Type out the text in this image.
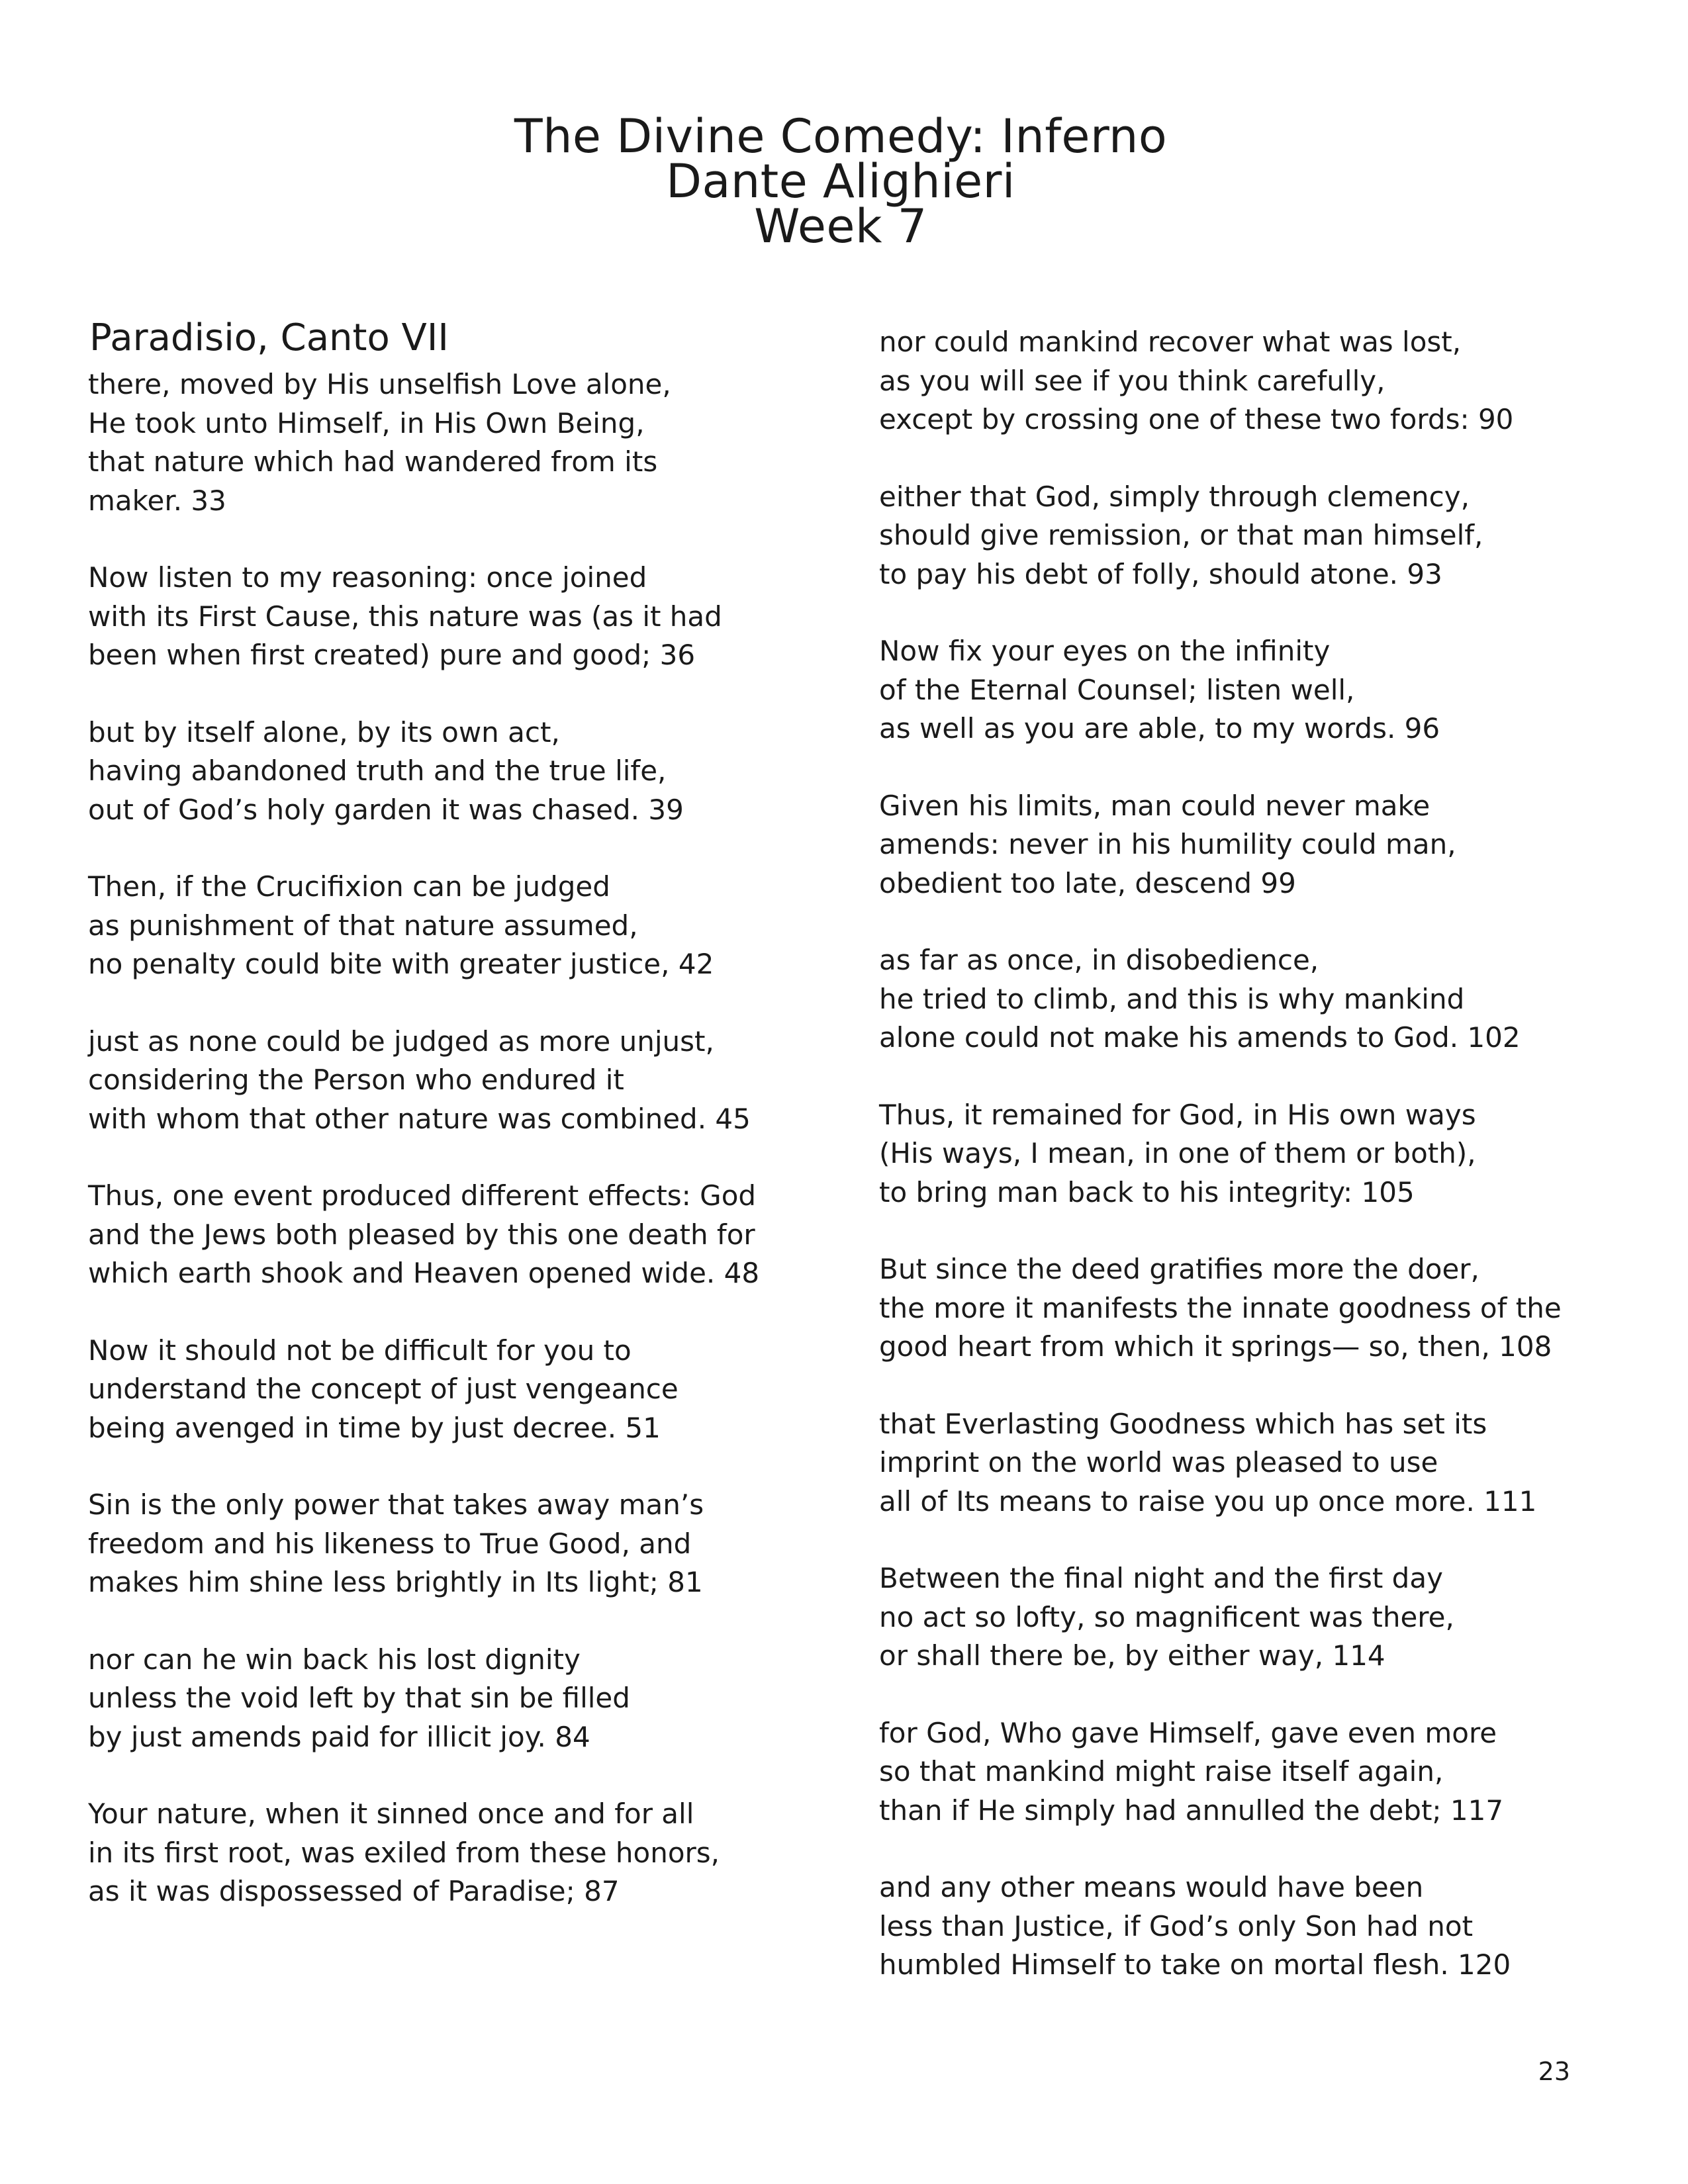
The Divine Comedy: Inferno
Dante Alighieri
Week 7
Paradisio, Canto VII
there, moved by His unselfish Love alone,
He took unto Himself, in His Own Being,
that nature which had wandered from its
maker. 33
Now listen to my reasoning: once joined
with its First Cause, this nature was (as it had
been when first created) pure and good; 36
but by itself alone, by its own act,
having abandoned truth and the true life,
out of God’s holy garden it was chased. 39
Then, if the Crucifixion can be judged
as punishment of that nature assumed,
no penalty could bite with greater justice, 42
just as none could be judged as more unjust,
considering the Person who endured it
with whom that other nature was combined. 45
Thus, one event produced different effects: God
and the Jews both pleased by this one death for
which earth shook and Heaven opened wide. 48
Now it should not be difficult for you to
understand the concept of just vengeance
being avenged in time by just decree. 51
Sin is the only power that takes away man’s
freedom and his likeness to True Good, and
makes him shine less brightly in Its light; 81
nor can he win back his lost dignity
unless the void left by that sin be filled
by just amends paid for illicit joy. 84
Your nature, when it sinned once and for all
in its first root, was exiled from these honors,
as it was dispossessed of Paradise; 87
nor could mankind recover what was lost,
as you will see if you think carefully,
except by crossing one of these two fords: 90
either that God, simply through clemency,
should give remission, or that man himself,
to pay his debt of folly, should atone. 93
Now fix your eyes on the infinity
of the Eternal Counsel; listen well,
as well as you are able, to my words. 96
Given his limits, man could never make
amends: never in his humility could man,
obedient too late, descend 99
as far as once, in disobedience,
he tried to climb, and this is why mankind
alone could not make his amends to God. 102
Thus, it remained for God, in His own ways
(His ways, I mean, in one of them or both),
to bring man back to his integrity: 105
But since the deed gratifies more the doer,
the more it manifests the innate goodness of the
good heart from which it springs— so, then, 108
that Everlasting Goodness which has set its
imprint on the world was pleased to use
all of Its means to raise you up once more. 111
Between the final night and the first day
no act so lofty, so magnificent was there,
or shall there be, by either way, 114
for God, Who gave Himself, gave even more
so that mankind might raise itself again,
than if He simply had annulled the debt; 117
and any other means would have been
less than Justice, if God’s only Son had not
humbled Himself to take on mortal flesh. 120
23
